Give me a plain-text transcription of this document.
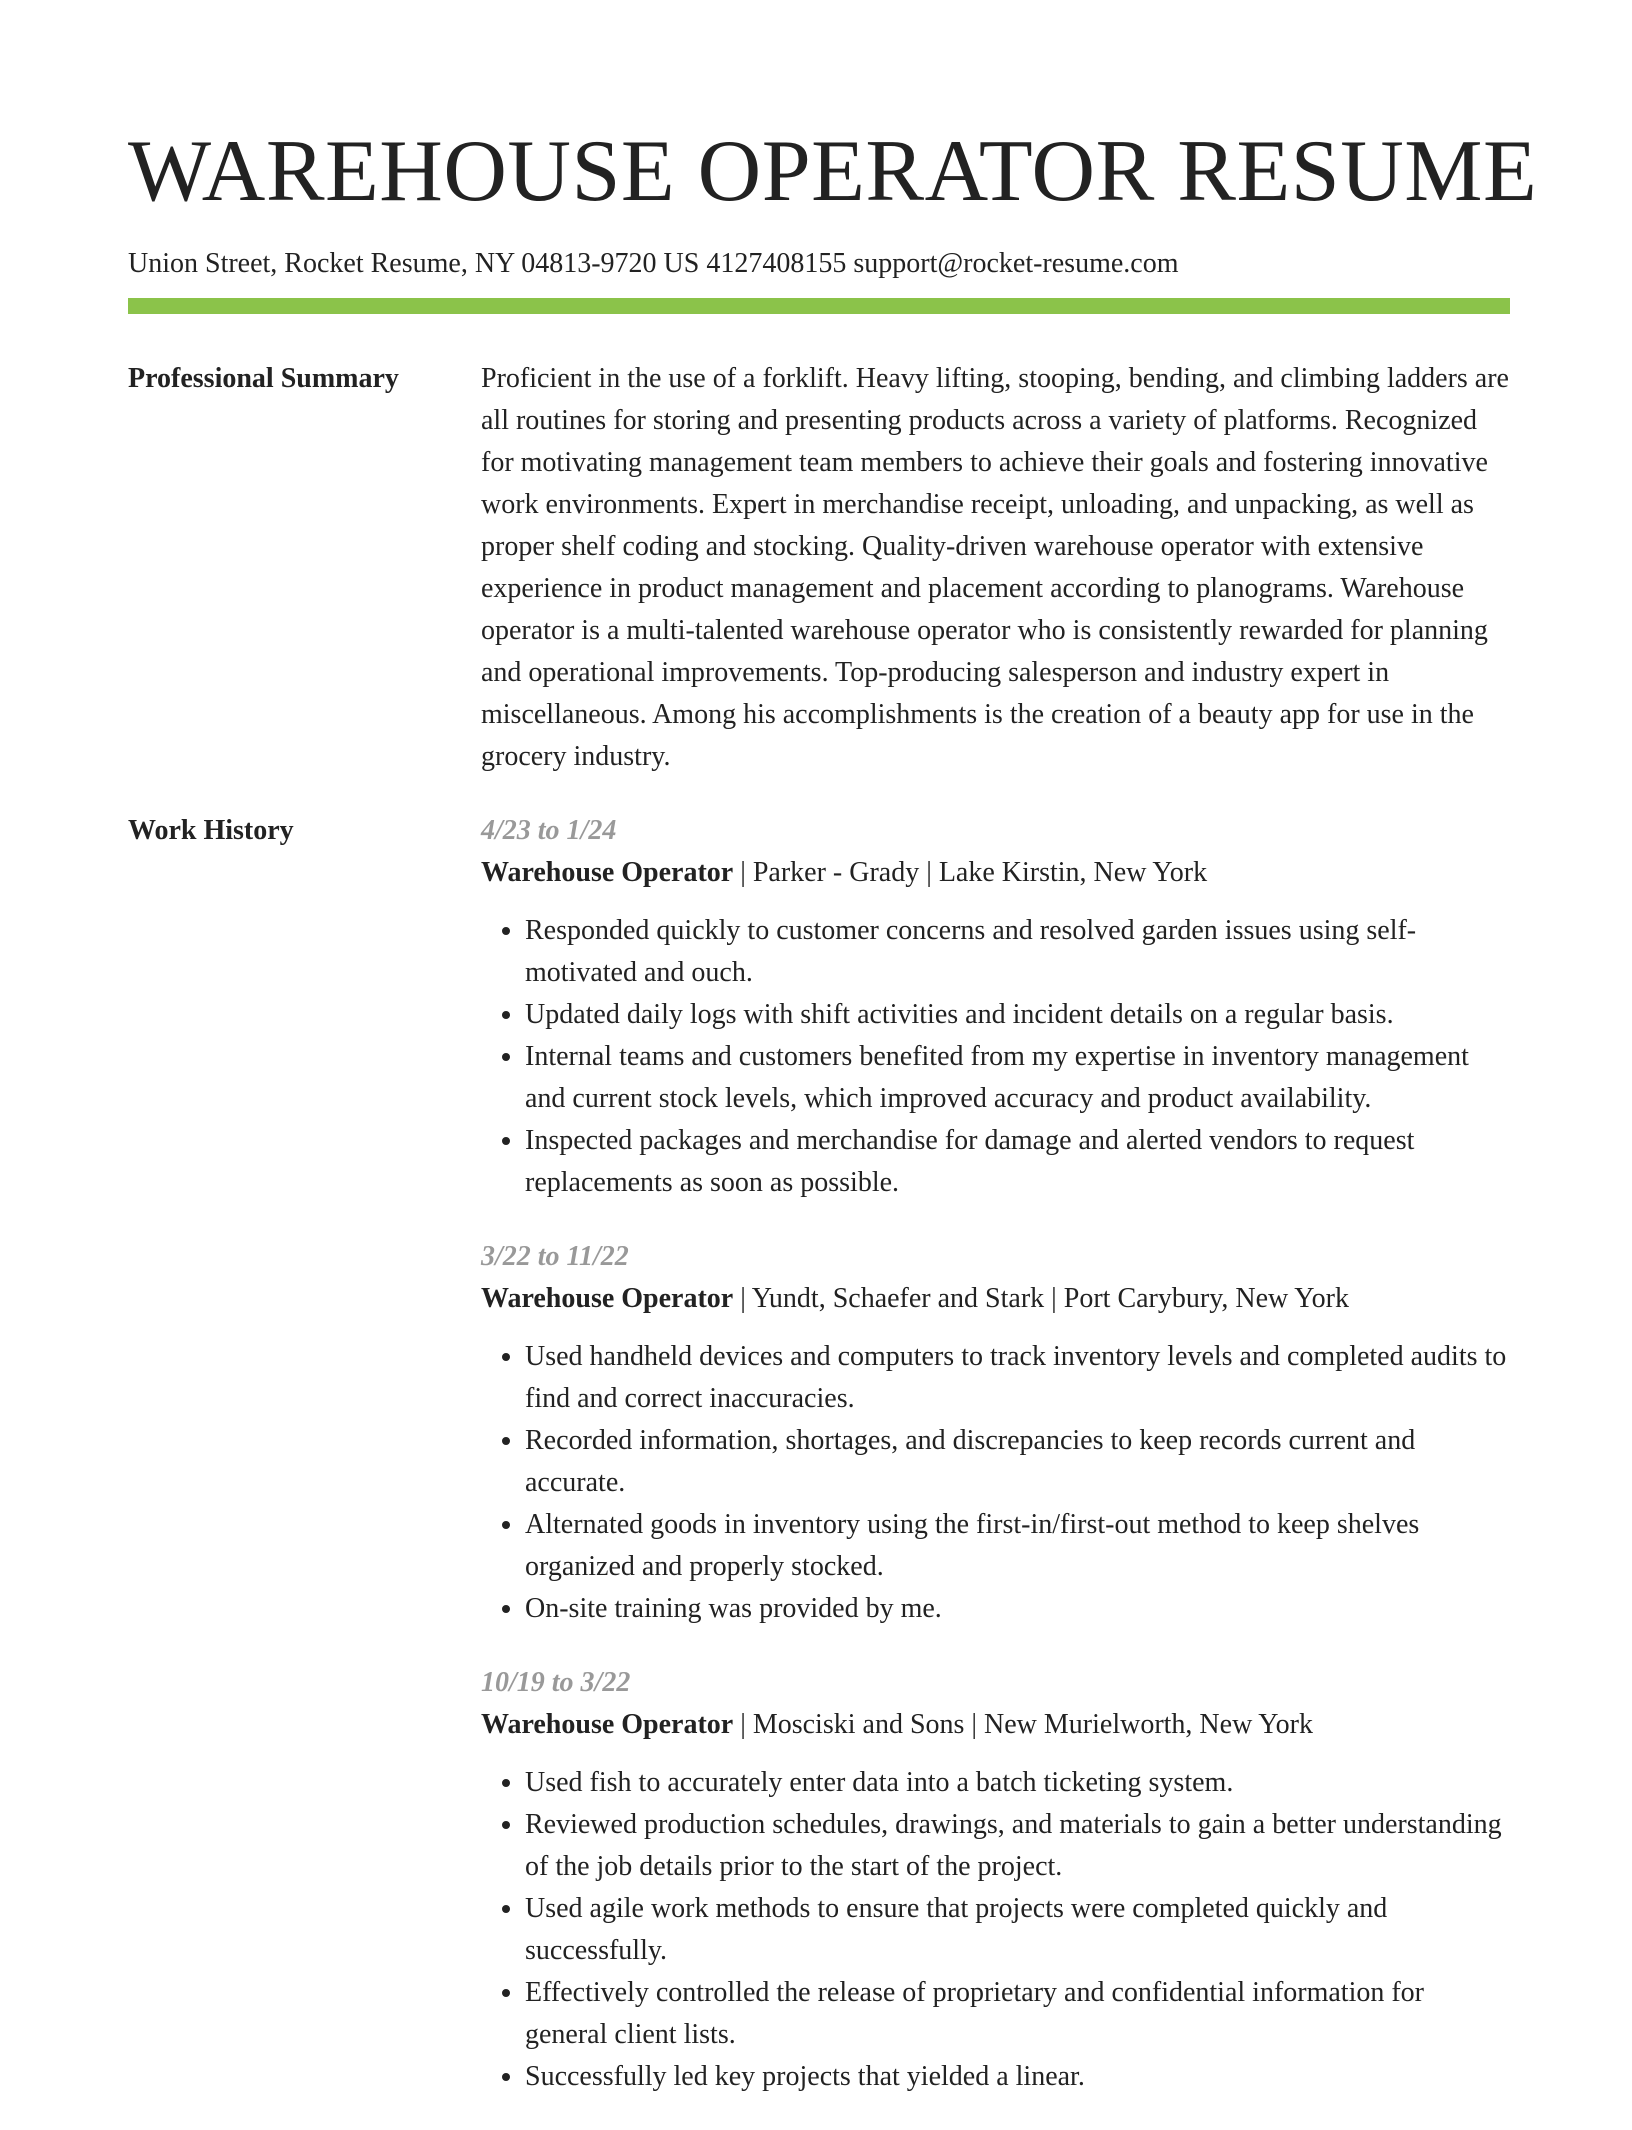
WAREHOUSE OPERATOR RESUME
Union Street, Rocket Resume, NY 04813-9720 US 4127408155 support@rocket-resume.com
Professional Summary	Proficient in the use of a forklift. Heavy lifting, stooping, bending, and climbing ladders are all routines for storing and presenting products across a variety of platforms. Recognized for motivating management team members to achieve their goals and fostering innovative work environments. Expert in merchandise receipt, unloading, and unpacking, as well as proper shelf coding and stocking. Quality-driven warehouse operator with extensive experience in product management and placement according to planograms. Warehouse operator is a multi-talented warehouse operator who is consistently rewarded for planning and operational improvements. Top-producing salesperson and industry expert in miscellaneous. Among his accomplishments is the creation of a beauty app for use in the grocery industry.

Work History	4/23 to 1/24
Warehouse Operator | Parker - Grady | Lake Kirstin, New York
• Responded quickly to customer concerns and resolved garden issues using self-motivated and ouch.
• Updated daily logs with shift activities and incident details on a regular basis.
• Internal teams and customers benefited from my expertise in inventory management and current stock levels, which improved accuracy and product availability.
• Inspected packages and merchandise for damage and alerted vendors to request replacements as soon as possible.
3/22 to 11/22
Warehouse Operator | Yundt, Schaefer and Stark | Port Carybury, New York
• Used handheld devices and computers to track inventory levels and completed audits to find and correct inaccuracies.
• Recorded information, shortages, and discrepancies to keep records current and accurate.
• Alternated goods in inventory using the first-in/first-out method to keep shelves organized and properly stocked.
• On-site training was provided by me.
10/19 to 3/22
Warehouse Operator | Mosciski and Sons | New Murielworth, New York
• Used fish to accurately enter data into a batch ticketing system.
• Reviewed production schedules, drawings, and materials to gain a better understanding of the job details prior to the start of the project.
• Used agile work methods to ensure that projects were completed quickly and successfully.
• Effectively controlled the release of proprietary and confidential information for general client lists.
• Successfully led key projects that yielded a linear.
